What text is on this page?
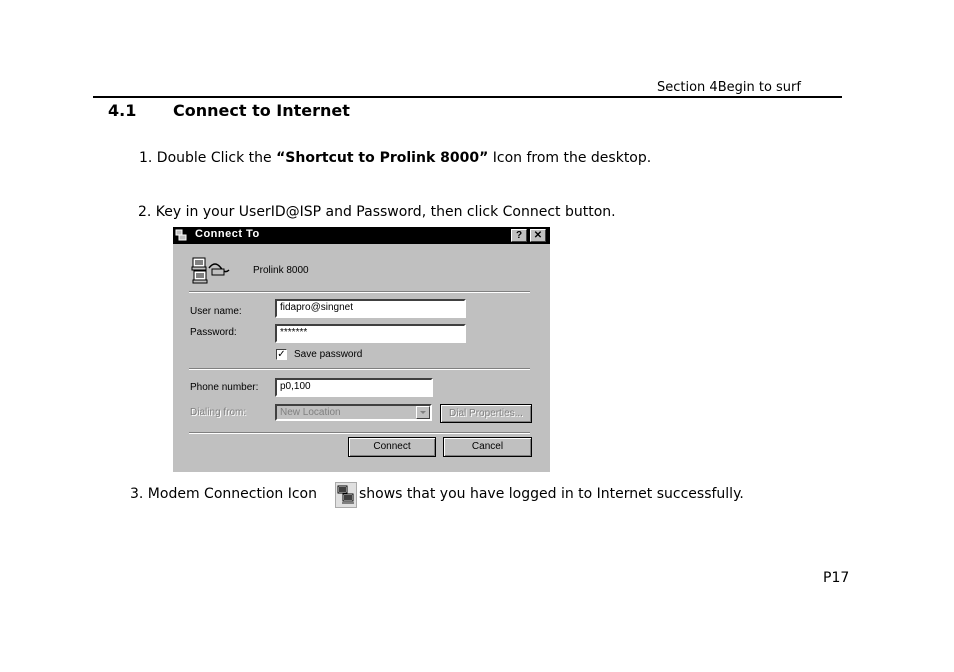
Section 4Begin to surf
4.1 Connect to Internet
1. Double Click the “Shortcut to Prolink 8000” Icon from the desktop.
2. Key in your UserID@ISP and Password, then click Connect button.
Connect To	?	✕
Prolink 8000
User name:	fidapro@singnet
Password:	*******
✓ Save password
Phone number:	p0,100
Dialing from:	New Location	Dial Properties...
Connect	Cancel
3. Modem Connection Icon	shows that you have logged in to Internet successfully.
P17
